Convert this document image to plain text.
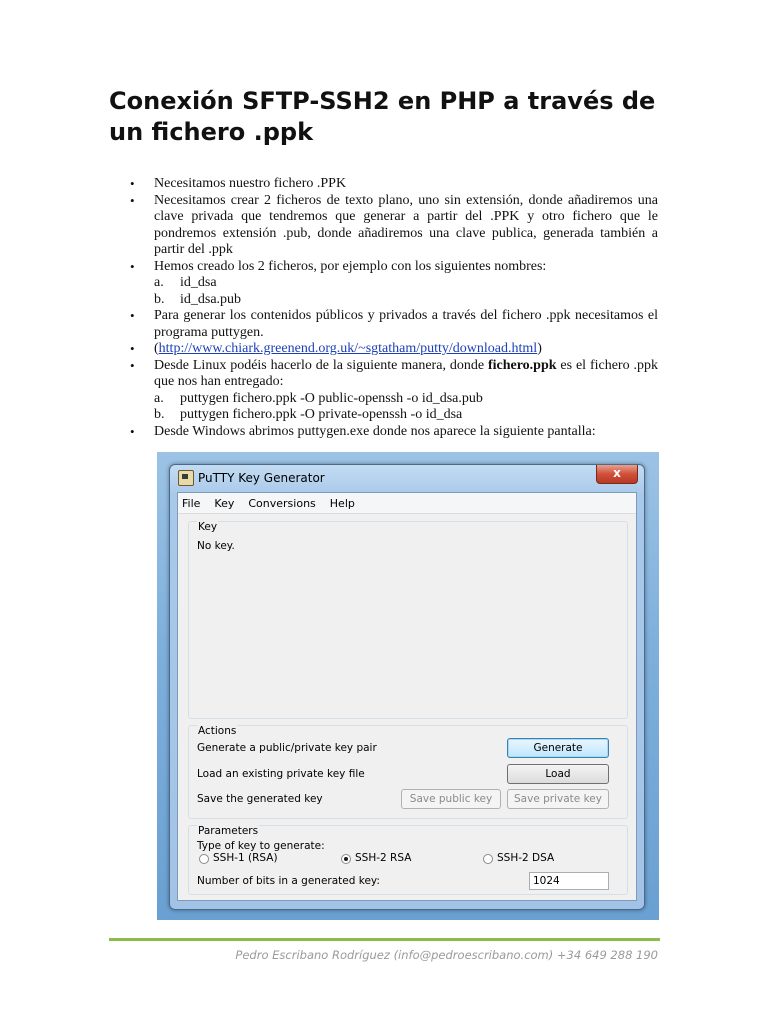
Conexión SFTP-SSH2 en PHP a través de un fichero .ppk
• Necesitamos nuestro fichero .PPK
• Necesitamos crear 2 ficheros de texto plano, uno sin extensión, donde añadiremos una clave privada que tendremos que generar a partir del .PPK y otro fichero que le pondremos extensión .pub, donde añadiremos una clave publica, generada también a partir del .ppk
• Hemos creado los 2 ficheros, por ejemplo con los siguientes nombres:
a. id_dsa
b. id_dsa.pub
• Para generar los contenidos públicos y privados a través del fichero .ppk necesitamos el programa puttygen.
• (http://www.chiark.greenend.org.uk/~sgtatham/putty/download.html)
• Desde Linux podéis hacerlo de la siguiente manera, donde fichero.ppk es el fichero .ppk que nos han entregado:
a. puttygen fichero.ppk -O public-openssh -o id_dsa.pub
b. puttygen fichero.ppk -O private-openssh -o id_dsa
• Desde Windows abrimos puttygen.exe donde nos aparece la siguiente pantalla:
PuTTY Key Generator	x
File Key Conversions Help
Key
No key.
Actions
Generate a public/private key pair
Load an existing private key file
Save the generated key
Generate
Load
Save public key	Save private key
Parameters
Type of key to generate:
SSH-1 (RSA)	SSH-2 RSA	SSH-2 DSA
Number of bits in a generated key:	1024
Pedro Escribano Rodríguez (info@pedroescribano.com) +34 649 288 190
